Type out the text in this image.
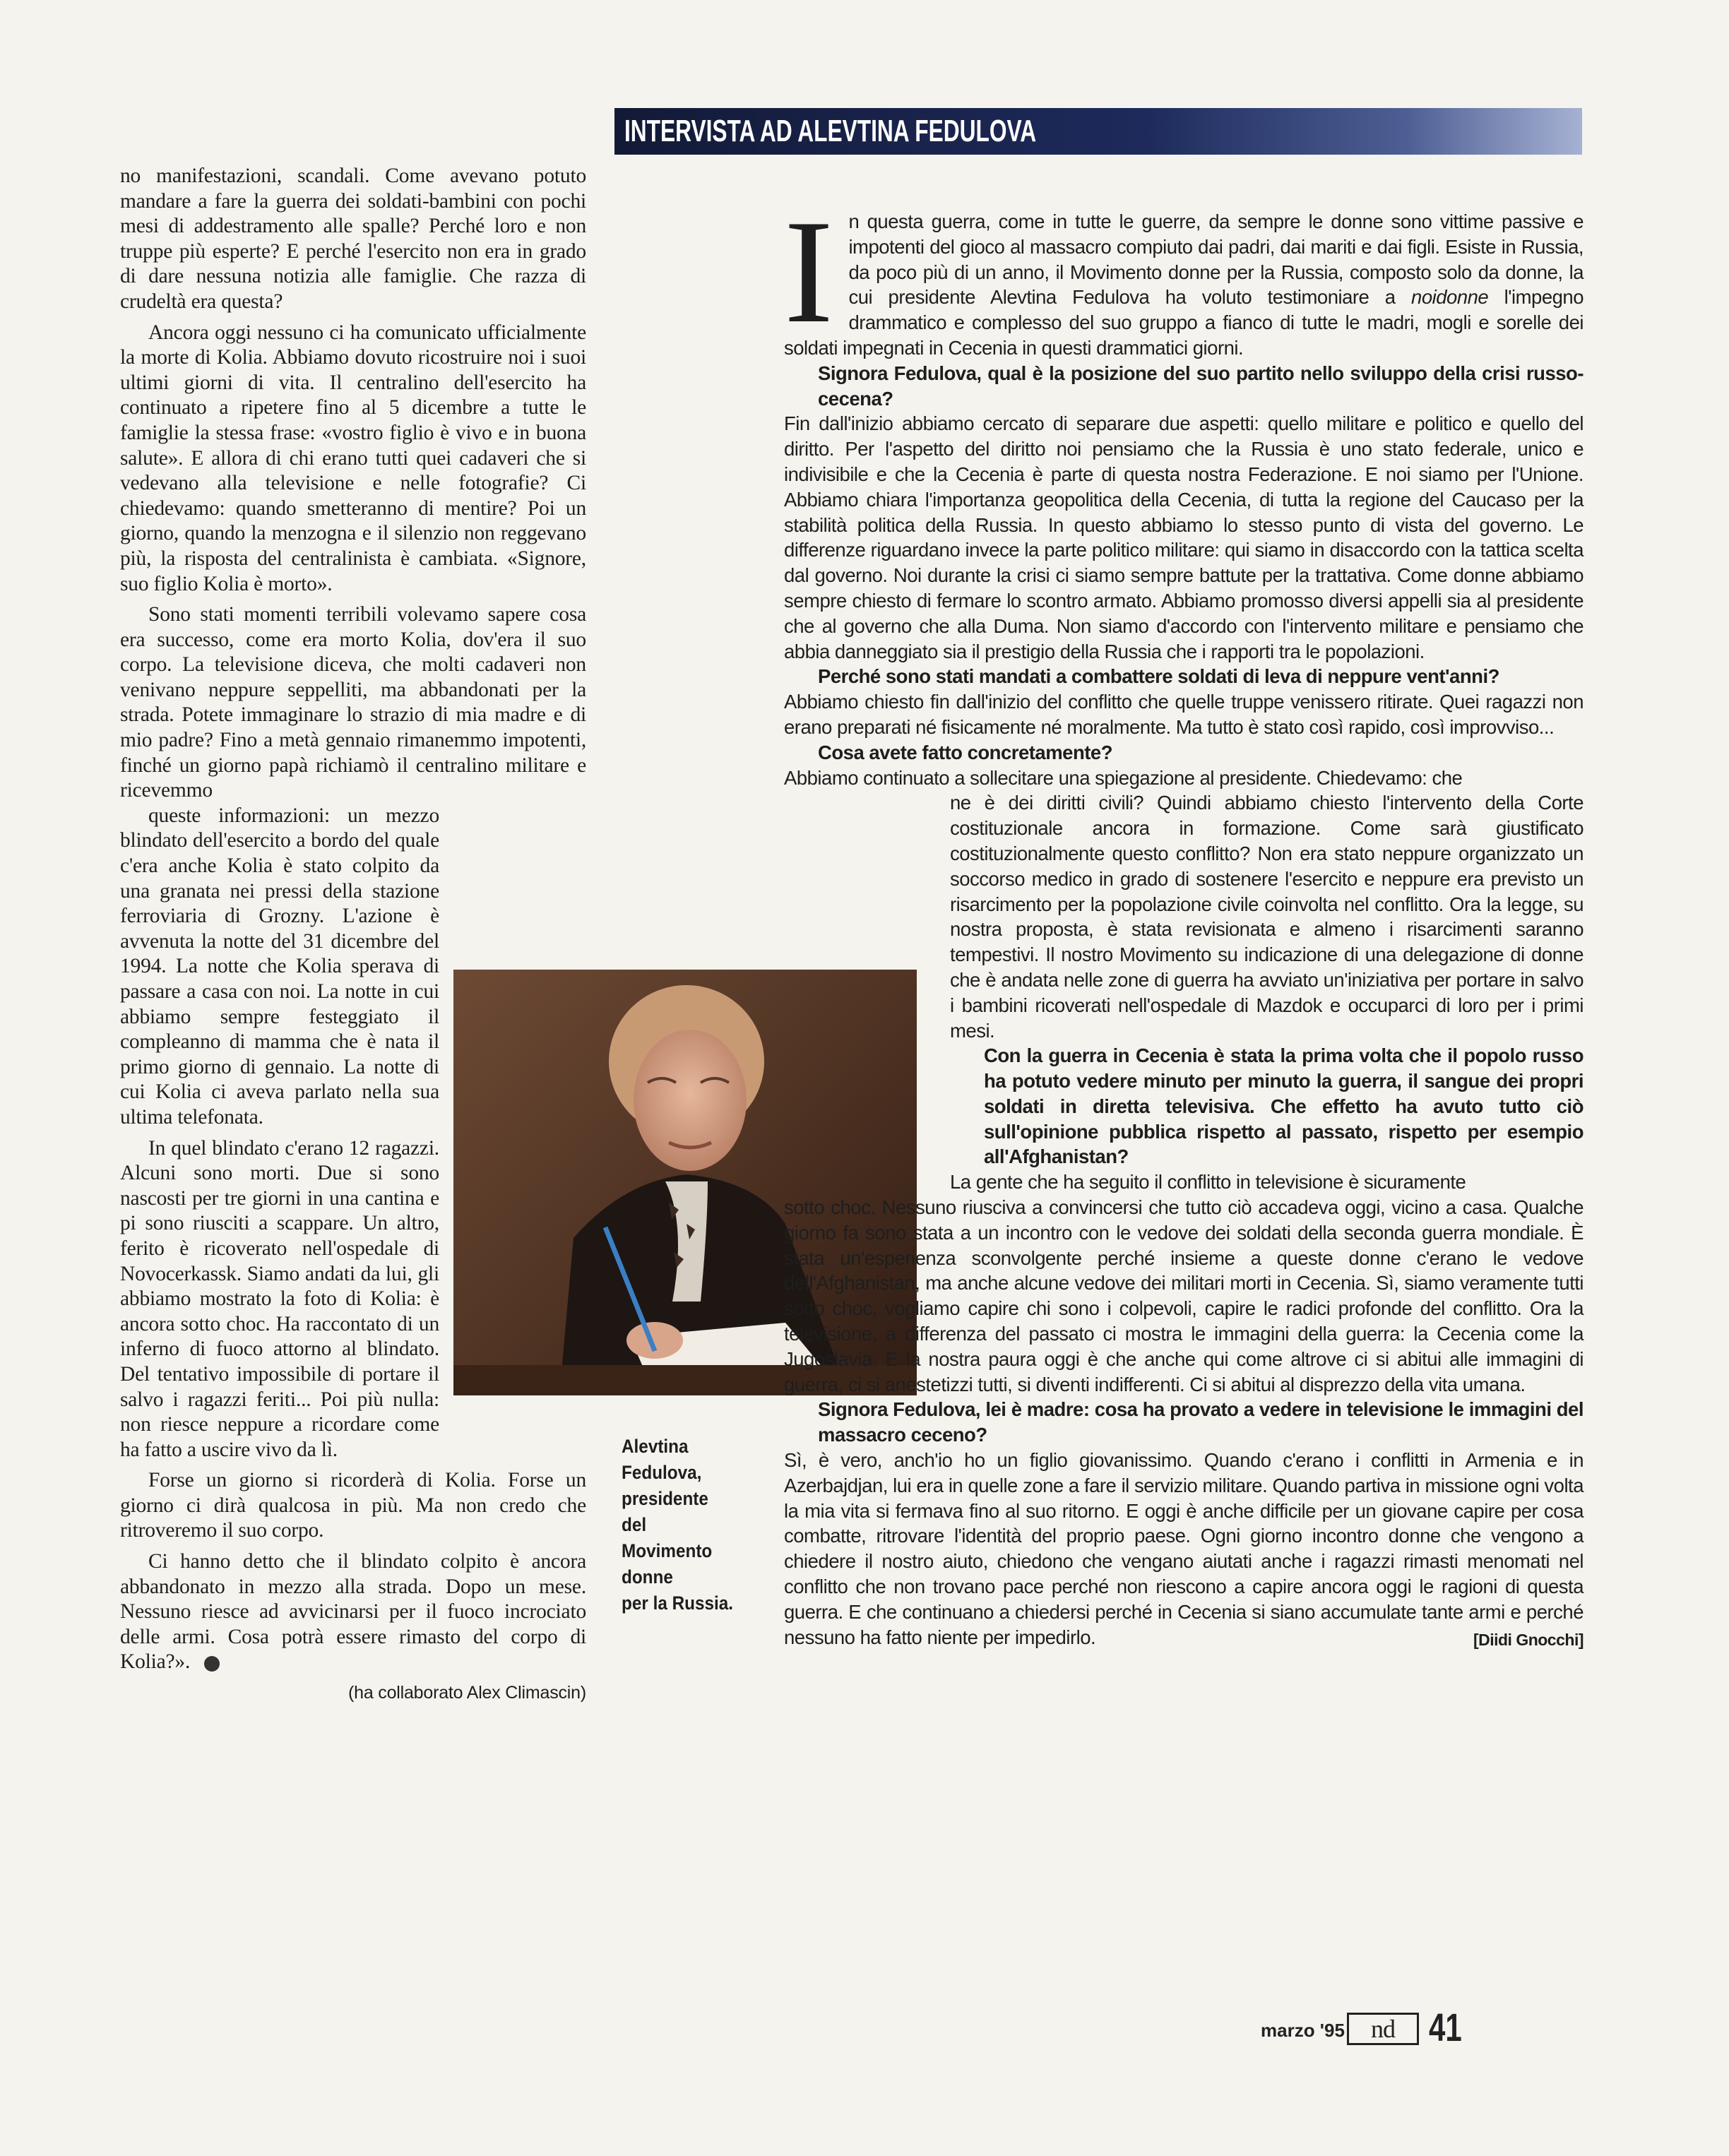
INTERVISTA AD ALEVTINA FEDULOVA

no manifestazioni, scandali. Come avevano potuto mandare a fare la guerra dei soldati-bambini con pochi mesi di addestramento alle spalle? Perché loro e non truppe più esperte? E perché l'esercito non era in grado di dare nessuna notizia alle famiglie. Che razza di crudeltà era questa?

Ancora oggi nessuno ci ha comunicato ufficialmente la morte di Kolia. Abbiamo dovuto ricostruire noi i suoi ultimi giorni di vita. Il centralino dell'esercito ha continuato a ripetere fino al 5 dicembre a tutte le famiglie la stessa frase: «vostro figlio è vivo e in buona salute». E allora di chi erano tutti quei cadaveri che si vedevano alla televisione e nelle fotografie? Ci chiedevamo: quando smetteranno di mentire? Poi un giorno, quando la menzogna e il silenzio non reggevano più, la risposta del centralinista è cambiata. «Signore, suo figlio Kolia è morto».

Sono stati momenti terribili volevamo sapere cosa era successo, come era morto Kolia, dov'era il suo corpo. La televisione diceva, che molti cadaveri non venivano neppure seppelliti, ma abbandonati per la strada. Potete immaginare lo strazio di mia madre e di mio padre? Fino a metà gennaio rimanemmo impotenti, finché un giorno papà richiamò il centralino militare e ricevemmo

queste informazioni: un mezzo blindato dell'esercito a bordo del quale c'era anche Kolia è stato colpito da una granata nei pressi della stazione ferroviaria di Grozny. L'azione è avvenuta la notte del 31 dicembre del 1994. La notte che Kolia sperava di passare a casa con noi. La notte in cui abbiamo sempre festeggiato il compleanno di mamma che è nata il primo giorno di gennaio. La notte di cui Kolia ci aveva parlato nella sua ultima telefonata.

In quel blindato c'erano 12 ragazzi. Alcuni sono morti. Due si sono nascosti per tre giorni in una cantina e pi sono riusciti a scappare. Un altro, ferito è ricoverato nell'ospedale di Novocerkassk. Siamo andati da lui, gli abbiamo mostrato la foto di Kolia: è ancora sotto choc. Ha raccontato di un inferno di fuoco attorno al blindato. Del tentativo impossibile di portare il salvo i ragazzi feriti... Poi più nulla: non riesce neppure a ricordare come ha fatto a uscire vivo da lì.

Forse un giorno si ricorderà di Kolia. Forse un giorno ci dirà qualcosa in più. Ma non credo che ritroveremo il suo corpo.

Ci hanno detto che il blindato colpito è ancora abbandonato in mezzo alla strada. Dopo un mese. Nessuno riesce ad avvicinarsi per il fuoco incrociato delle armi. Cosa potrà essere rimasto del corpo di Kolia?».

(ha collaborato Alex Climascin)

Alevtina
Fedulova,
presidente
del
Movimento
donne
per la Russia.

I n questa guerra, come in tutte le guerre, da sempre le donne sono vittime passive e impotenti del gioco al massacro compiuto dai padri, dai mariti e dai figli. Esiste in Russia, da poco più di un anno, il Movimento donne per la Russia, composto solo da donne, la cui presidente Alevtina Fedulova ha voluto testimoniare a noidonne l'impegno drammatico e complesso del suo gruppo a fianco di tutte le madri, mogli e sorelle dei soldati impegnati in Cecenia in questi drammatici giorni.

Signora Fedulova, qual è la posizione del suo partito nello sviluppo della crisi russo-cecena?

Fin dall'inizio abbiamo cercato di separare due aspetti: quello militare e politico e quello del diritto. Per l'aspetto del diritto noi pensiamo che la Russia è uno stato federale, unico e indivisibile e che la Cecenia è parte di questa nostra Federazione. E noi siamo per l'Unione. Abbiamo chiara l'importanza geopolitica della Cecenia, di tutta la regione del Caucaso per la stabilità politica della Russia. In questo abbiamo lo stesso punto di vista del governo. Le differenze riguardano invece la parte politico militare: qui siamo in disaccordo con la tattica scelta dal governo. Noi durante la crisi ci siamo sempre battute per la trattativa. Come donne abbiamo sempre chiesto di fermare lo scontro armato. Abbiamo promosso diversi appelli sia al presidente che al governo che alla Duma. Non siamo d'accordo con l'intervento militare e pensiamo che abbia danneggiato sia il prestigio della Russia che i rapporti tra le popolazioni.

Perché sono stati mandati a combattere soldati di leva di neppure vent'anni?

Abbiamo chiesto fin dall'inizio del conflitto che quelle truppe venissero ritirate. Quei ragazzi non erano preparati né fisicamente né moralmente. Ma tutto è stato così rapido, così improvviso...

Cosa avete fatto concretamente?

Abbiamo continuato a sollecitare una spiegazione al presidente. Chiedevamo: che

ne è dei diritti civili? Quindi abbiamo chiesto l'intervento della Corte costituzionale ancora in formazione. Come sarà giustificato costituzionalmente questo conflitto? Non era stato neppure organizzato un soccorso medico in grado di sostenere l'esercito e neppure era previsto un risarcimento per la popolazione civile coinvolta nel conflitto. Ora la legge, su nostra proposta, è stata revisionata e almeno i risarcimenti saranno tempestivi. Il nostro Movimento su indicazione di una delegazione di donne che è andata nelle zone di guerra ha avviato un'iniziativa per portare in salvo i bambini ricoverati nell'ospedale di Mazdok e occuparci di loro per i primi mesi.

Con la guerra in Cecenia è stata la prima volta che il popolo russo ha potuto vedere minuto per minuto la guerra, il sangue dei propri soldati in diretta televisiva. Che effetto ha avuto tutto ciò sull'opinione pubblica rispetto al passato, rispetto per esempio all'Afghanistan?

La gente che ha seguito il conflitto in televisione è sicuramente

sotto choc. Nessuno riusciva a convincersi che tutto ciò accadeva oggi, vicino a casa. Qualche giorno fa sono stata a un incontro con le vedove dei soldati della seconda guerra mondiale. È stata un'esperienza sconvolgente perché insieme a queste donne c'erano le vedove dell'Afghanistan, ma anche alcune vedove dei militari morti in Cecenia. Sì, siamo veramente tutti sotto choc, vogliamo capire chi sono i colpevoli, capire le radici profonde del conflitto. Ora la televisione, a differenza del passato ci mostra le immagini della guerra: la Cecenia come la Jugoslavia. E la nostra paura oggi è che anche qui come altrove ci si abitui alle immagini di guerra, ci si anestetizzi tutti, si diventi indifferenti. Ci si abitui al disprezzo della vita umana.

Signora Fedulova, lei è madre: cosa ha provato a vedere in televisione le immagini del massacro ceceno?

Sì, è vero, anch'io ho un figlio giovanissimo. Quando c'erano i conflitti in Armenia e in Azerbajdjan, lui era in quelle zone a fare il servizio militare. Quando partiva in missione ogni volta la mia vita si fermava fino al suo ritorno. E oggi è anche difficile per un giovane capire per cosa combatte, ritrovare l'identità del proprio paese. Ogni giorno incontro donne che vengono a chiedere il nostro aiuto, chiedono che vengano aiutati anche i ragazzi rimasti menomati nel conflitto che non trovano pace perché non riescono a capire ancora oggi le ragioni di questa guerra. E che continuano a chiedersi perché in Cecenia si siano accumulate tante armi e perché nessuno ha fatto niente per impedirlo.	[Diidi Gnocchi]

marzo '95	nd 41
